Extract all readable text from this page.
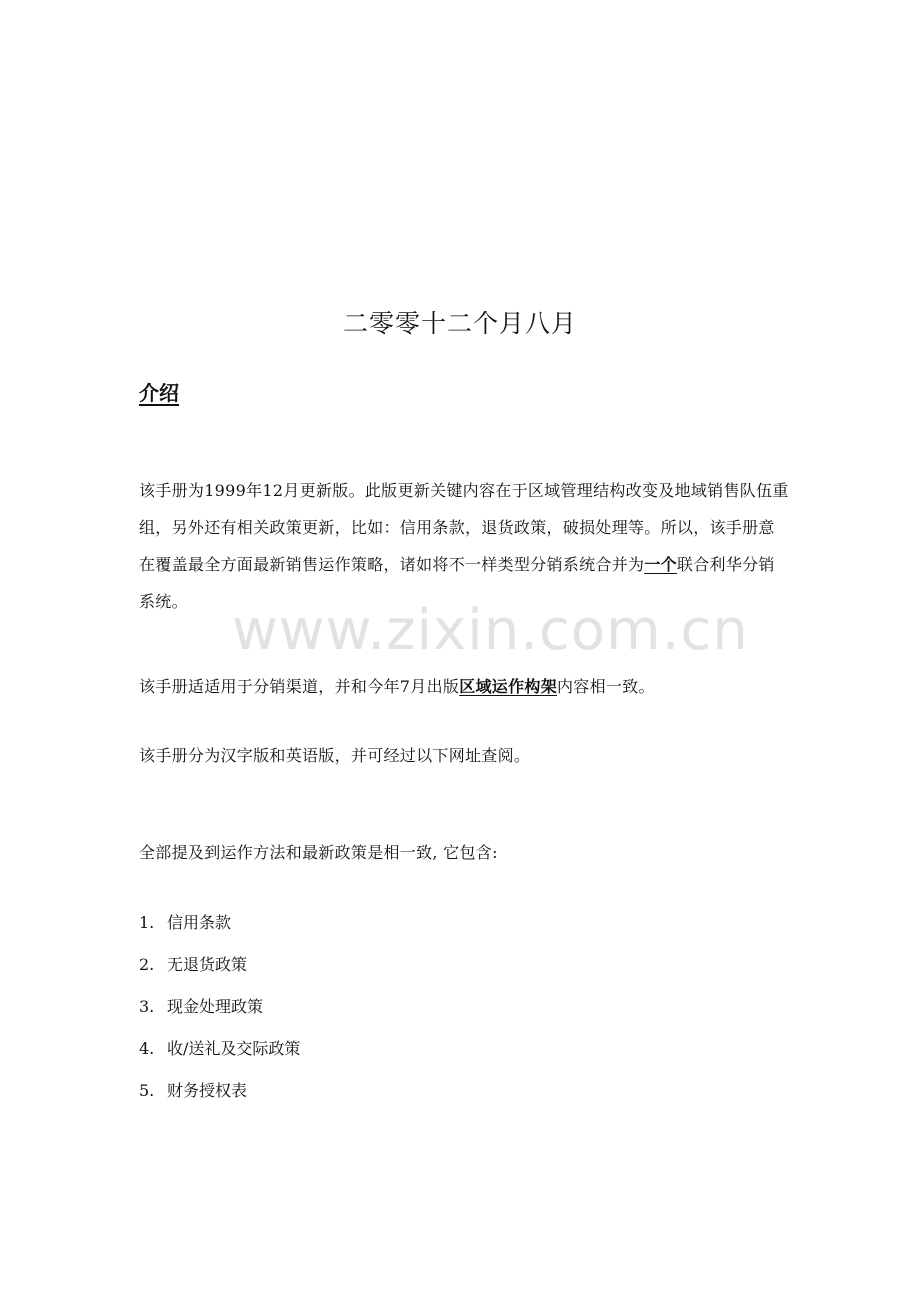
二零零十二个月八月
介绍
该手册为1999年12月更新版。此版更新关键内容在于区域管理结构改变及地域销售队伍重组，另外还有相关政策更新，比如：信用条款，退货政策，破损处理等。所以，该手册意在覆盖最全方面最新销售运作策略，诸如将不一样类型分销系统合并为一个联合利华分销系统。
该手册适适用于分销渠道，并和今年7月出版区域运作构架内容相一致。
该手册分为汉字版和英语版，并可经过以下网址查阅。
全部提及到运作方法和最新政策是相一致, 它包含:
1. 信用条款
2. 无退货政策
3. 现金处理政策
4. 收/送礼及交际政策
5. 财务授权表
www.zixin.com.cn
